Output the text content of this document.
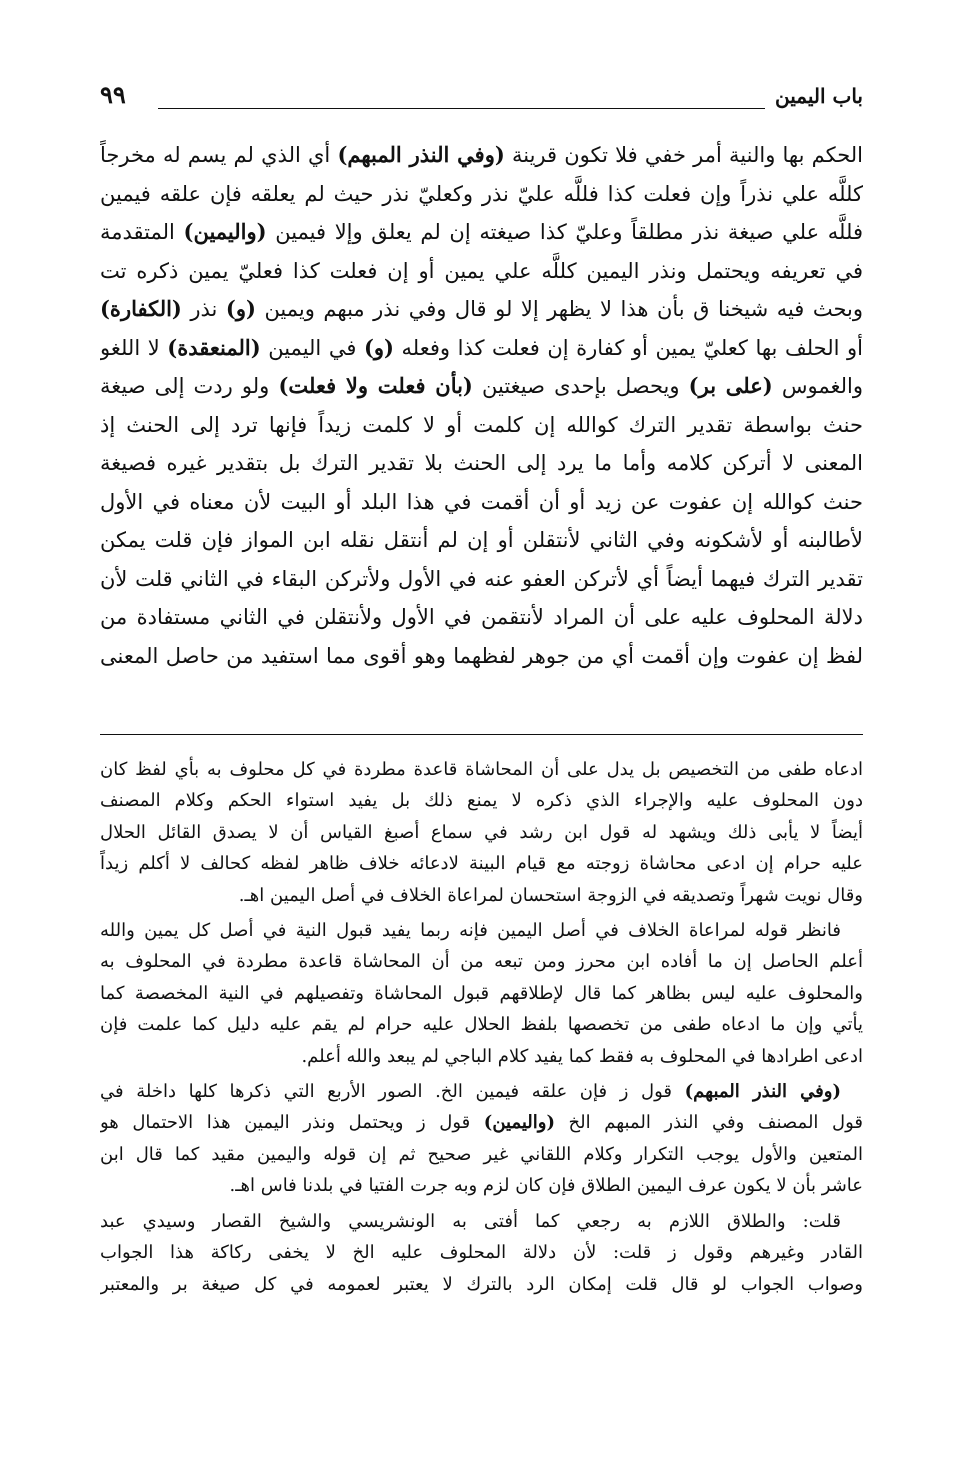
باب اليمين
٩٩
الحكم بها والنية أمر خفي فلا تكون قرينة (وفي النذر المبهم) أي الذي لم يسم له مخرجاً
كللَّه علي نذراً وإن فعلت كذا فللَّه عليّ نذر وكعليّ نذر حيث لم يعلقه فإن علقه فيمين
فللَّه علي صيغة نذر مطلقاً وعليّ كذا صيغته إن لم يعلق وإلا فيمين (واليمين) المتقدمة
في تعريفه ويحتمل ونذر اليمين كللَّه علي يمين أو إن فعلت كذا فعليّ يمين ذكره تت
وبحث فيه شيخنا ق بأن هذا لا يظهر إلا لو قال وفي نذر مبهم ويمين (و) نذر (الكفارة)
أو الحلف بها كعليّ يمين أو كفارة إن فعلت كذا وفعله (و) في اليمين (المنعقدة) لا اللغو
والغموس (على بر) ويحصل بإحدى صيغتين (بأن فعلت ولا فعلت) ولو ردت إلى صيغة
حنث بواسطة تقدير الترك كوالله إن كلمت أو لا كلمت زيداً فإنها ترد إلى الحنث إذ
المعنى لا أتركن كلامه وأما ما يرد إلى الحنث بلا تقدير الترك بل بتقدير غيره فصيغة
حنث كوالله إن عفوت عن زيد أو أن أقمت في هذا البلد أو البيت لأن معناه في الأول
لأطالبنه أو لأشكونه وفي الثاني لأنتقلن أو إن لم أنتقل نقله ابن المواز فإن قلت يمكن
تقدير الترك فيهما أيضاً أي لأتركن العفو عنه في الأول ولأتركن البقاء في الثاني قلت لأن
دلالة المحلوف عليه على أن المراد لأنتقمن في الأول ولأنتقلن في الثاني مستفادة من
لفظ إن عفوت وإن أقمت أي من جوهر لفظهما وهو أقوى مما استفيد من حاصل المعنى
ادعاه طفى من التخصيص بل يدل على أن المحاشاة قاعدة مطردة في كل محلوف به بأي لفظ كان
دون المحلوف عليه والإجراء الذي ذكره لا يمنع ذلك بل يفيد استواء الحكم وكلام المصنف
أيضاً لا يأبى ذلك ويشهد له قول ابن رشد في سماع أصبغ القياس أن لا يصدق القائل الحلال
عليه حرام إن ادعى محاشاة زوجته مع قيام البينة لادعائه خلاف ظاهر لفظه كحالف لا أكلم زيداً
وقال نويت شهراً وتصديقه في الزوجة استحسان لمراعاة الخلاف في أصل اليمين اهـ.
فانظر قوله لمراعاة الخلاف في أصل اليمين فإنه ربما يفيد قبول النية في أصل كل يمين والله
أعلم الحاصل إن ما أفاده ابن محرز ومن تبعه من أن المحاشاة قاعدة مطردة في المحلوف به
والمحلوف عليه ليس بظاهر كما قال لإطلاقهم قبول المحاشاة وتفصيلهم في النية المخصصة كما
يأتي وإن ما ادعاه طفى من تخصصها بلفظ الحلال عليه حرام لم يقم عليه دليل كما علمت فإن
ادعى اطرادها في المحلوف به فقط كما يفيد كلام الباجي لم يبعد والله أعلم.
(وفي النذر المبهم) قول ز فإن علقه فيمين الخ. الصور الأربع التي ذكرها كلها داخلة في
قول المصنف وفي النذر المبهم الخ (واليمين) قول ز ويحتمل ونذر اليمين هذا الاحتمال هو
المتعين والأول يوجب التكرار وكلام اللقاني غير صحيح ثم إن قوله واليمين مقيد كما قال ابن
عاشر بأن لا يكون عرف اليمين الطلاق فإن كان لزم وبه جرت الفتيا في بلدنا فاس اهـ.
قلت: والطلاق اللازم به رجعي كما أفتى به الونشريسي والشيخ القصار وسيدي عبد
القادر وغيرهم وقول ز قلت: لأن دلالة المحلوف عليه الخ لا يخفى ركاكة هذا الجواب
وصواب الجواب لو قال قلت إمكان الرد بالترك لا يعتبر لعمومه في كل صيغة بر والمعتبر
